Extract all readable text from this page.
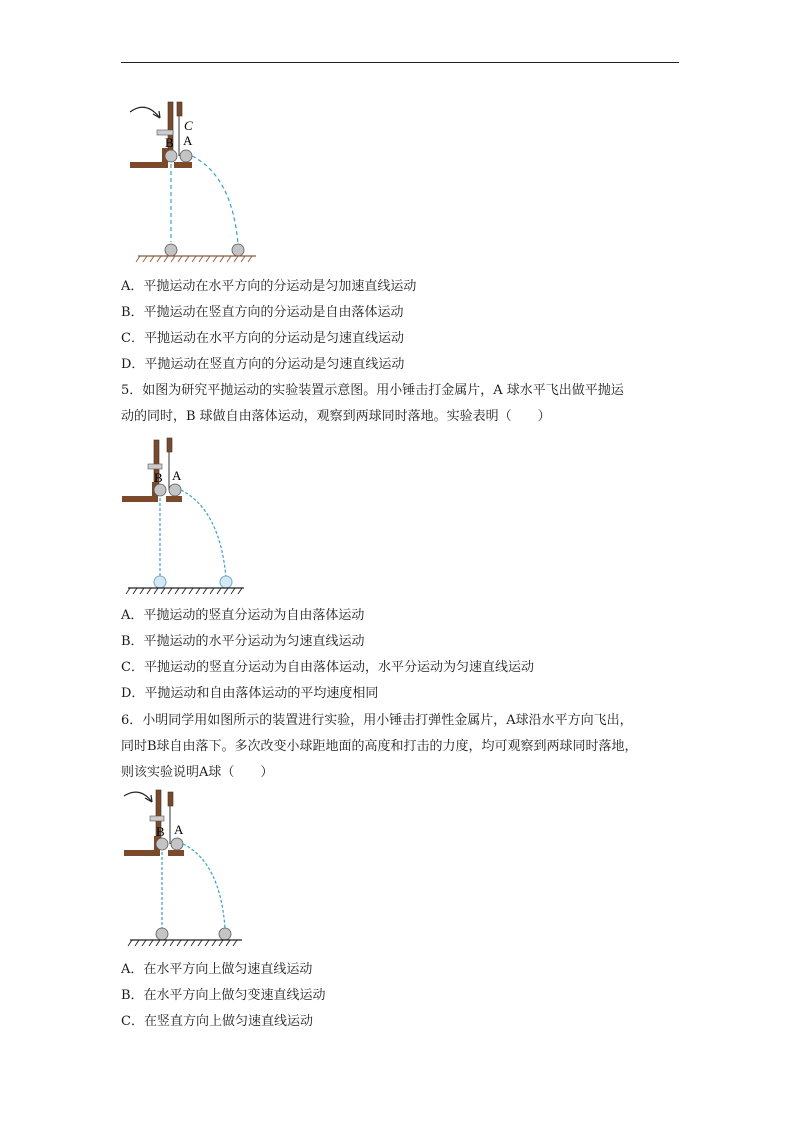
C
B A
A．平抛运动在水平方向的分运动是匀加速直线运动
B．平抛运动在竖直方向的分运动是自由落体运动
C．平抛运动在水平方向的分运动是匀速直线运动
D．平抛运动在竖直方向的分运动是匀速直线运动
5．如图为研究平抛运动的实验装置示意图。用小锤击打金属片，A 球水平飞出做平抛运
动的同时，B 球做自由落体运动，观察到两球同时落地。实验表明（　　）
B A
A．平抛运动的竖直分运动为自由落体运动
B．平抛运动的水平分运动为匀速直线运动
C．平抛运动的竖直分运动为自由落体运动，水平分运动为匀速直线运动
D．平抛运动和自由落体运动的平均速度相同
6．小明同学用如图所示的装置进行实验，用小锤击打弹性金属片，A球沿水平方向飞出，
同时B球自由落下。多次改变小球距地面的高度和打击的力度，均可观察到两球同时落地，
则该实验说明A球（　　）
B A
A．在水平方向上做匀速直线运动
B．在水平方向上做匀变速直线运动
C．在竖直方向上做匀速直线运动
